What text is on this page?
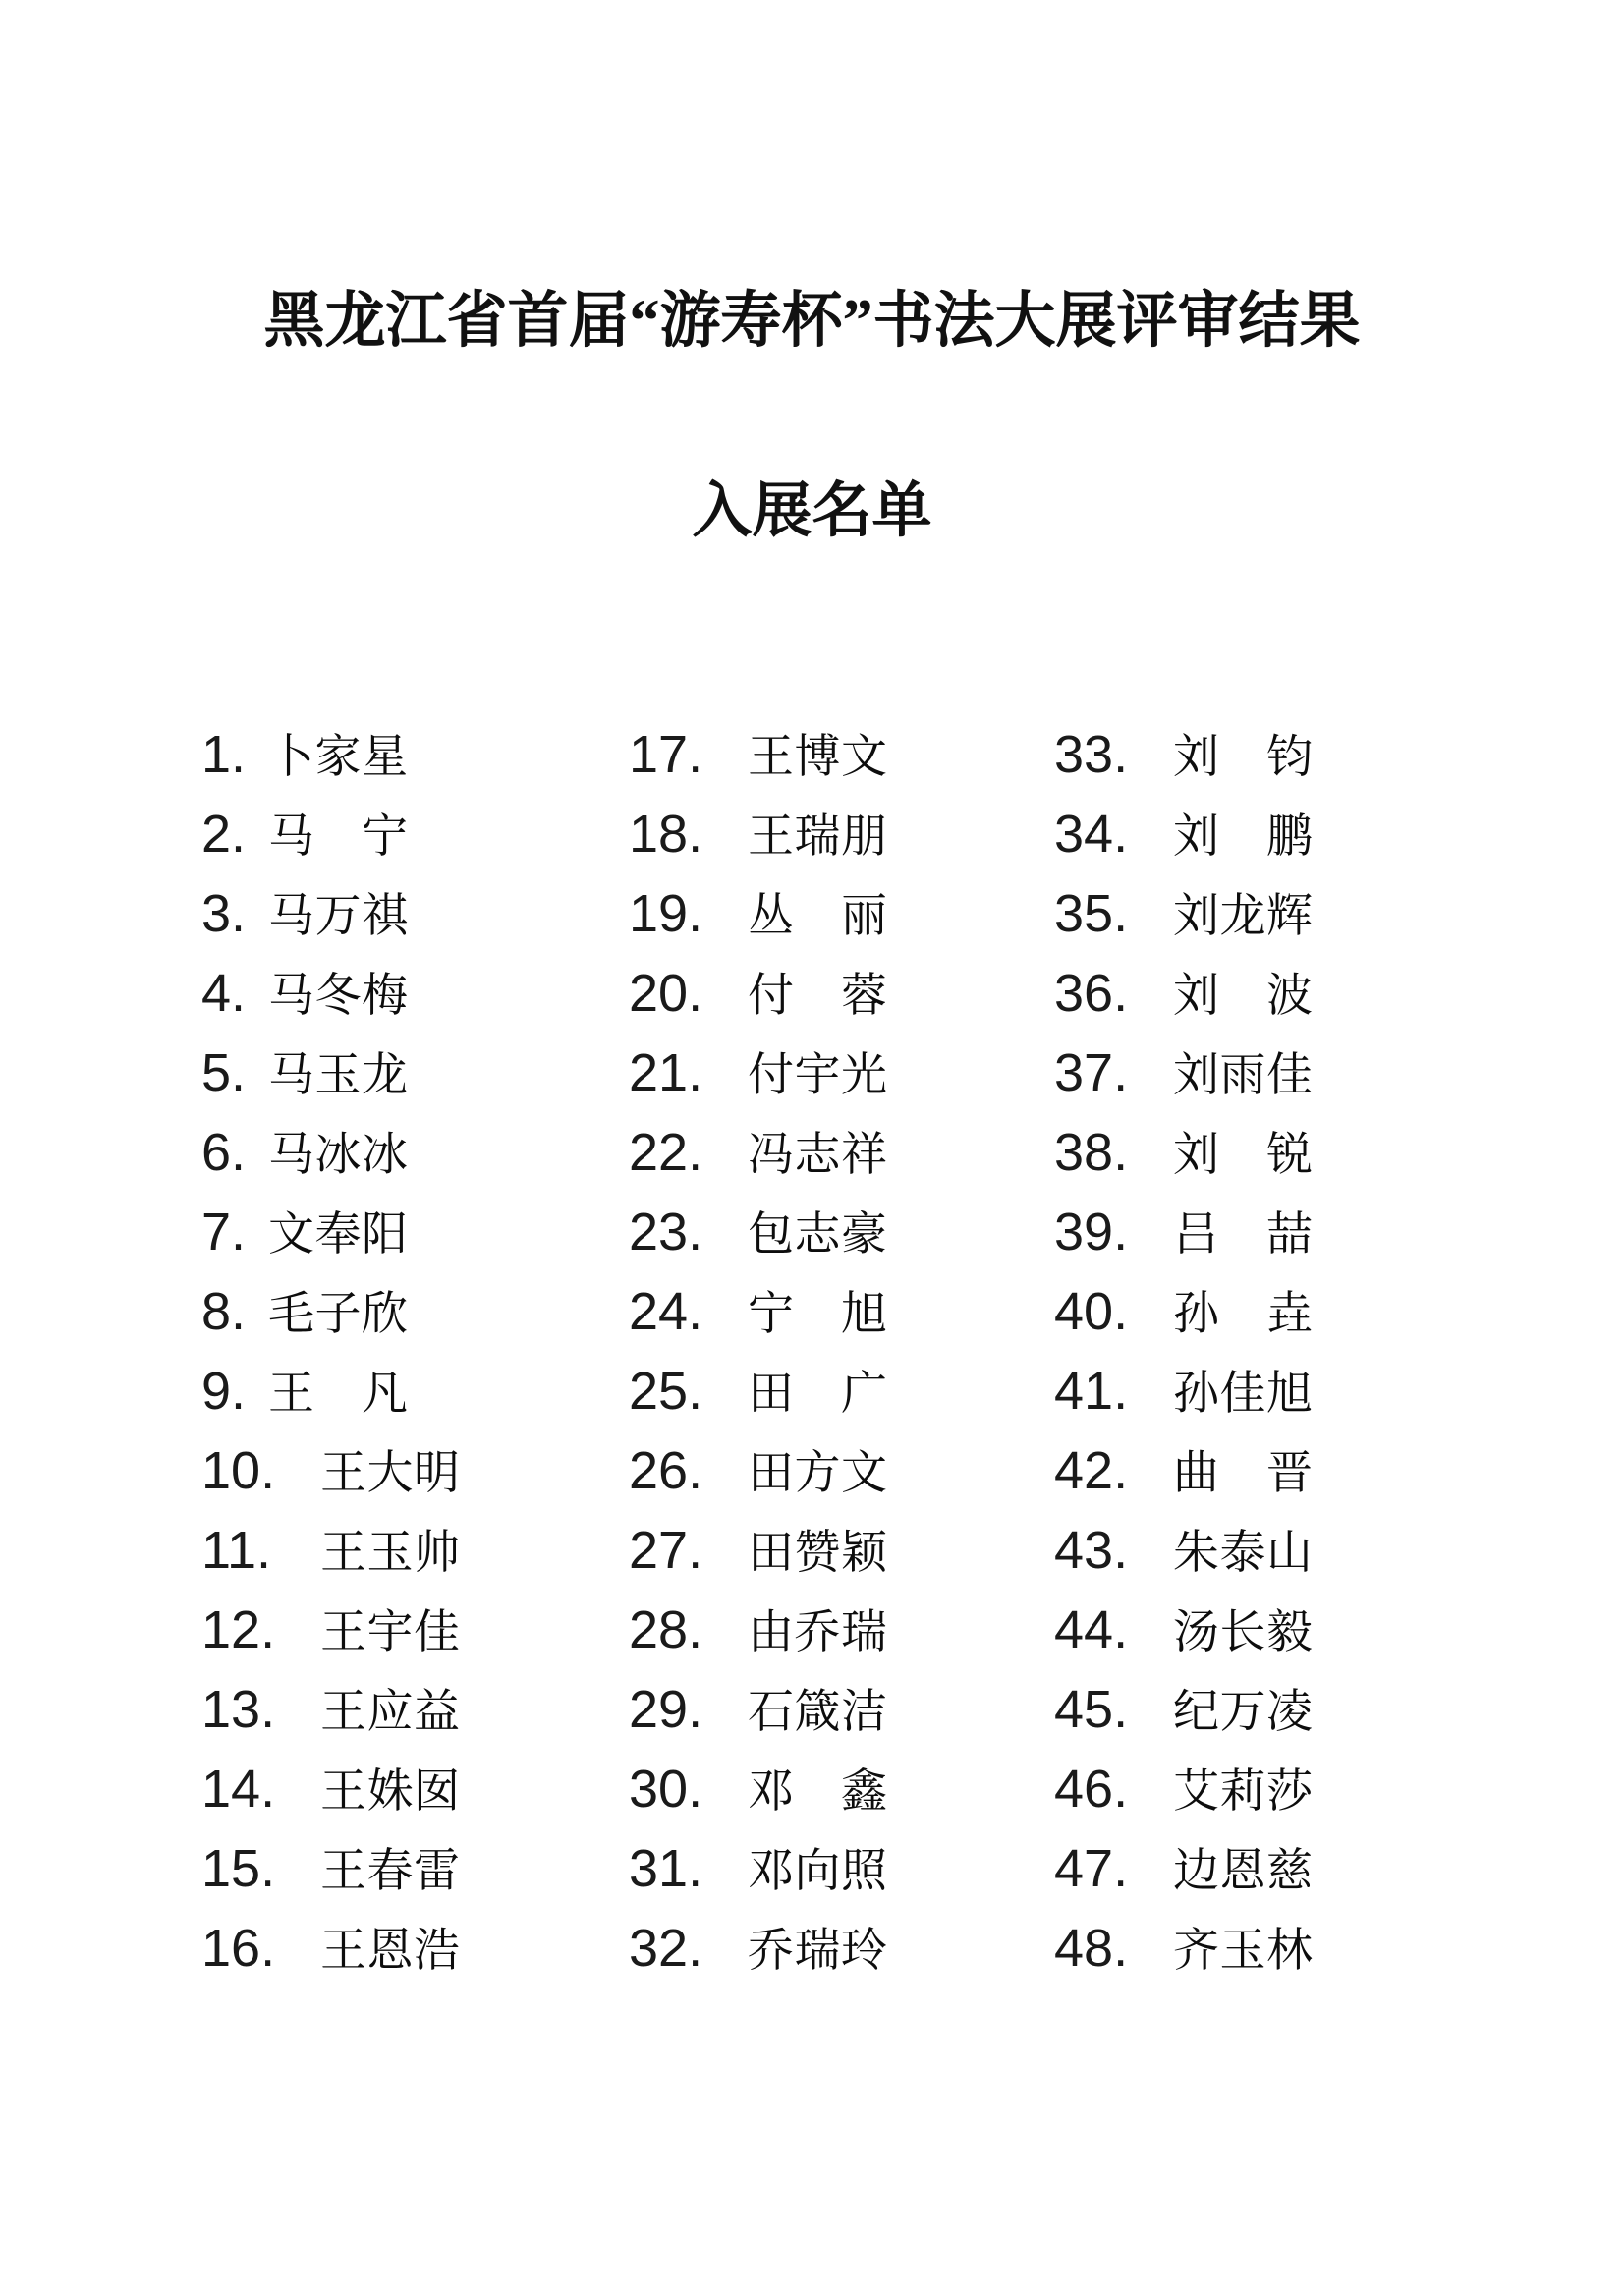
黑龙江省首届“游寿杯”书法大展评审结果
入展名单
1. 卜家星
2. 马宁
3. 马万祺
4. 马冬梅
5. 马玉龙
6. 马冰冰
7. 文奉阳
8. 毛子欣
9. 王凡
10. 王大明
11. 王玉帅
12. 王宇佳
13. 王应益
14. 王姝囡
15. 王春雷
16. 王恩浩
17. 王博文
18. 王瑞朋
19. 丛丽
20. 付蓉
21. 付宇光
22. 冯志祥
23. 包志豪
24. 宁旭
25. 田广
26. 田方文
27. 田赞颖
28. 由乔瑞
29. 石箴洁
30. 邓鑫
31. 邓向照
32. 乔瑞玲
33. 刘钧
34. 刘鹏
35. 刘龙辉
36. 刘波
37. 刘雨佳
38. 刘锐
39. 吕喆
40. 孙垚
41. 孙佳旭
42. 曲晋
43. 朱泰山
44. 汤长毅
45. 纪万凌
46. 艾莉莎
47. 边恩慈
48. 齐玉林
